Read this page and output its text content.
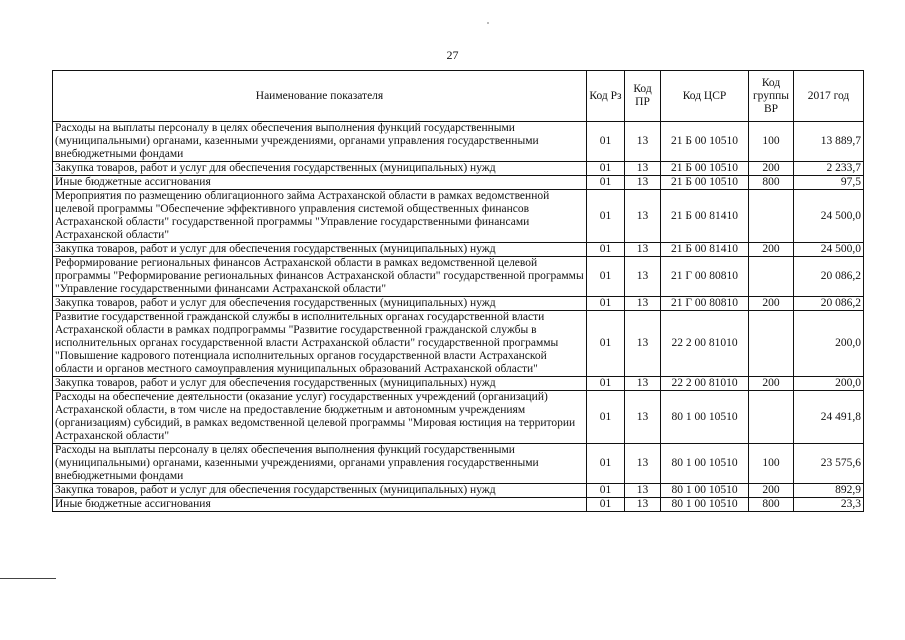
27
Наименование показателя	Код Рз	Код ПР	Код ЦСР	Код группы ВР	2017 год
Расходы на выплаты персоналу в целях обеспечения выполнения функций государственными (муниципальными) органами, казенными учреждениями, органами управления государственными внебюджетными фондами	01	13	21 Б 00 10510	100	13 889,7
Закупка товаров, работ и услуг для обеспечения государственных (муниципальных) нужд	01	13	21 Б 00 10510	200	2 233,7
Иные бюджетные ассигнования	01	13	21 Б 00 10510	800	97,5
Мероприятия по размещению облигационного займа Астраханской области в рамках ведомственной целевой программы "Обеспечение эффективного управления системой общественных финансов Астраханской области" государственной программы "Управление государственными финансами Астраханской области"	01	13	21 Б 00 81410		24 500,0
Закупка товаров, работ и услуг для обеспечения государственных (муниципальных) нужд	01	13	21 Б 00 81410	200	24 500,0
Реформирование региональных финансов Астраханской области в рамках ведомственной целевой программы "Реформирование региональных финансов Астраханской области" государственной программы "Управление государственными финансами Астраханской области"	01	13	21 Г 00 80810		20 086,2
Закупка товаров, работ и услуг для обеспечения государственных (муниципальных) нужд	01	13	21 Г 00 80810	200	20 086,2
Развитие государственной гражданской службы в исполнительных органах государственной власти Астраханской области в рамках подпрограммы "Развитие государственной гражданской службы в исполнительных органах государственной власти Астраханской области" государственной программы "Повышение кадрового потенциала исполнительных органов государственной власти Астраханской области и органов местного самоуправления муниципальных образований Астраханской области"	01	13	22 2 00 81010		200,0
Закупка товаров, работ и услуг для обеспечения государственных (муниципальных) нужд	01	13	22 2 00 81010	200	200,0
Расходы на обеспечение деятельности (оказание услуг) государственных учреждений (организаций) Астраханской области, в том числе на предоставление бюджетным и автономным учреждениям (организациям) субсидий, в рамках ведомственной целевой программы "Мировая юстиция на территории Астраханской области"	01	13	80 1 00 10510		24 491,8
Расходы на выплаты персоналу в целях обеспечения выполнения функций государственными (муниципальными) органами, казенными учреждениями, органами управления государственными внебюджетными фондами	01	13	80 1 00 10510	100	23 575,6
Закупка товаров, работ и услуг для обеспечения государственных (муниципальных) нужд	01	13	80 1 00 10510	200	892,9
Иные бюджетные ассигнования	01	13	80 1 00 10510	800	23,3
